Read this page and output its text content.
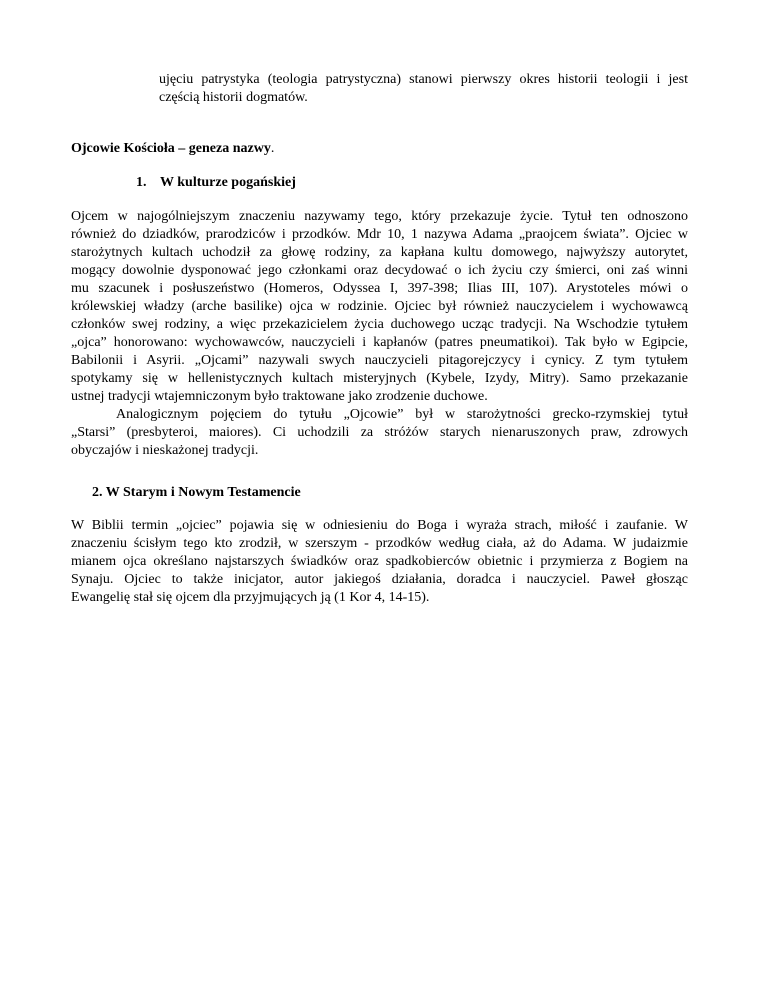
ujęciu patrystyka (teologia patrystyczna) stanowi pierwszy okres historii teologii i jest
częścią historii dogmatów.

Ojcowie Kościoła – geneza nazwy.
1. W kulturze pogańskiej

Ojcem w najogólniejszym znaczeniu nazywamy tego, który przekazuje życie. Tytuł ten odnoszono
również do dziadków, prarodziców i przodków. Mdr 10, 1 nazywa Adama „praojcem świata”. Ojciec w
starożytnych kultach uchodził za głowę rodziny, za kapłana kultu domowego, najwyższy autorytet,
mogący dowolnie dysponować jego członkami oraz decydować o ich życiu czy śmierci, oni zaś winni
mu szacunek i posłuszeństwo (Homeros, Odyssea I, 397-398; Ilias III, 107). Arystoteles mówi o
królewskiej władzy (arche basilike) ojca w rodzinie. Ojciec był również nauczycielem i wychowawcą
członków swej rodziny, a więc przekazicielem życia duchowego ucząc tradycji. Na Wschodzie tytułem
„ojca” honorowano: wychowawców, nauczycieli i kapłanów (patres pneumatikoi). Tak było w Egipcie,
Babilonii i Asyrii. „Ojcami” nazywali swych nauczycieli pitagorejczycy i cynicy. Z tym tytułem
spotykamy się w hellenistycznych kultach misteryjnych (Kybele, Izydy, Mitry). Samo przekazanie
ustnej tradycji wtajemniczonym było traktowane jako zrodzenie duchowe.
Analogicznym pojęciem do tytułu „Ojcowie” był w starożytności grecko-rzymskiej tytuł
„Starsi” (presbyteroi, maiores). Ci uchodzili za stróżów starych nienaruszonych praw, zdrowych
obyczajów i nieskażonej tradycji.

2. W Starym i Nowym Testamencie

W Biblii termin „ojciec” pojawia się w odniesieniu do Boga i wyraża strach, miłość i zaufanie. W
znaczeniu ścisłym tego kto zrodził, w szerszym - przodków według ciała, aż do Adama. W judaizmie
mianem ojca określano najstarszych świadków oraz spadkobierców obietnic i przymierza z Bogiem na
Synaju. Ojciec to także inicjator, autor jakiegoś działania, doradca i nauczyciel. Paweł głosząc
Ewangelię stał się ojcem dla przyjmujących ją (1 Kor 4, 14-15).
